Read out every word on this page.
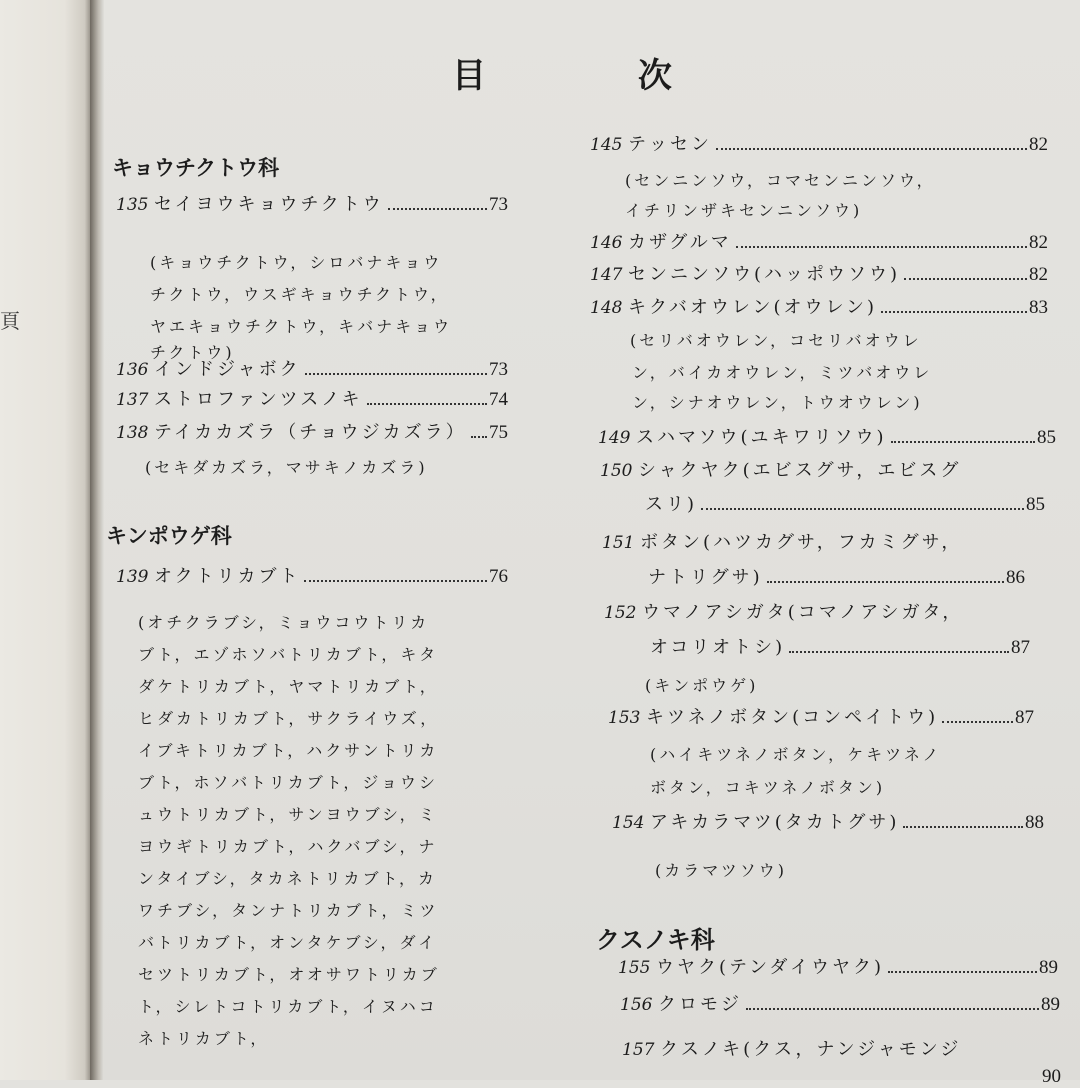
頁
目 次
キョウチクトウ科
135 セイヨウキョウチクトウ	73
(キョウチクトウ，シロバナキョウ
チクトウ，ウスギキョウチクトウ，
ヤエキョウチクトウ，キバナキョウ
チクトウ)
136 インドジャボク	73
137 ストロファンツスノキ	74
138 テイカカズラ（チョウジカズラ） 75
(セキダカズラ，マサキノカズラ)
キンポウゲ科
139 オクトリカブト	76
(オチクラブシ，ミョウコウトリカ
ブト，エゾホソバトリカブト，キタ
ダケトリカブト，ヤマトリカブト，
ヒダカトリカブト，サクライウズ，
イブキトリカブト，ハクサントリカ
ブト，ホソバトリカブト，ジョウシ
ュウトリカブト，サンヨウブシ，ミ
ヨウギトリカブト，ハクバブシ，ナ
ンタイブシ，タカネトリカブト，カ
ワチブシ，タンナトリカブト，ミツ
バトリカブト，オンタケブシ，ダイ
セツトリカブト，オオサワトリカブ
ト，シレトコトリカブト，イヌハコ
ネトリカブト，
145 テッセン	82
(センニンソウ，コマセンニンソウ，
イチリンザキセンニンソウ)
146 カザグルマ	82
147 センニンソウ(ハッポウソウ)	82
148 キクバオウレン(オウレン)	83
(セリバオウレン，コセリバオウレ
ン，バイカオウレン，ミツバオウレ
ン，シナオウレン，トウオウレン)
149 スハマソウ(ユキワリソウ)	85
150 シャクヤク(エビスグサ，エビスグ
スリ)	85
151 ボタン(ハツカグサ，フカミグサ，
ナトリグサ)	86
152 ウマノアシガタ(コマノアシガタ，
オコリオトシ)	87
(キンポウゲ)
153 キツネノボタン(コンペイトウ)	87
(ハイキツネノボタン，ケキツネノ
ボタン，コキツネノボタン)
154 アキカラマツ(タカトグサ)	88
(カラマツソウ)
クスノキ科
155 ウヤク(テンダイウヤク)	89
156 クロモジ	89
157 クスノキ(クス，ナンジャモンジ
90
